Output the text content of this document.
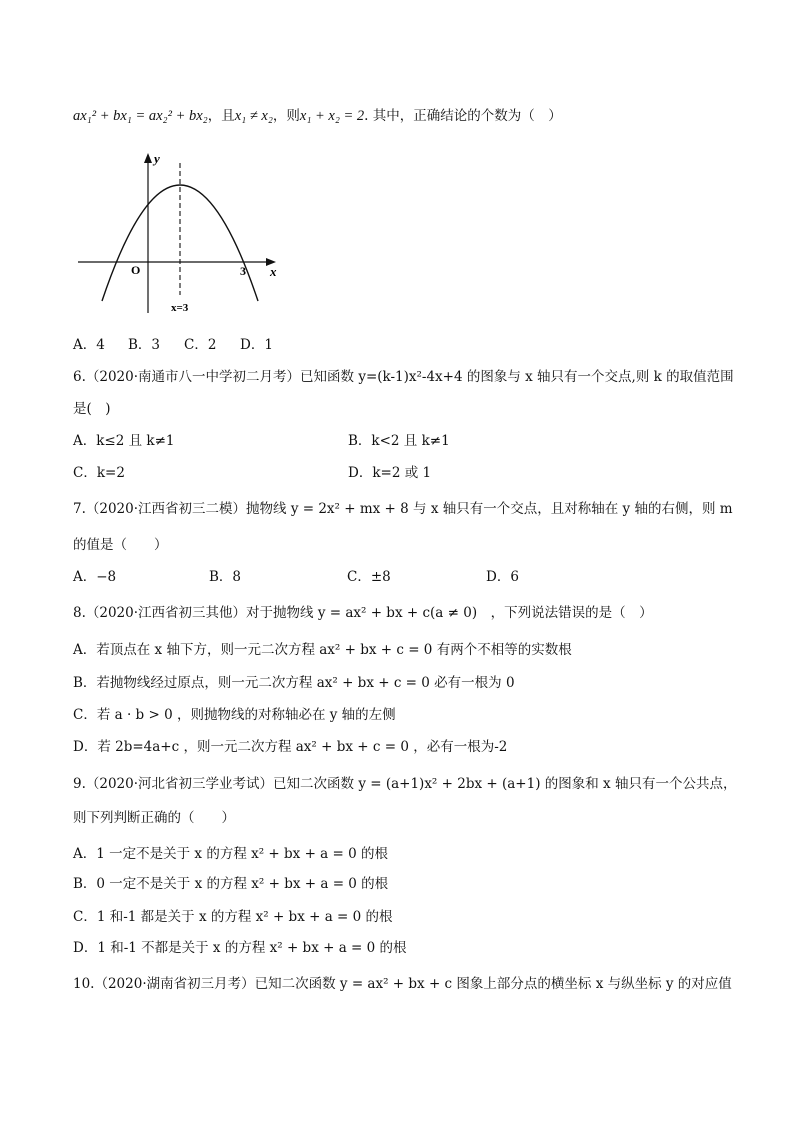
ax₁² + bx₁ = ax₂² + bx₂，且x₁ ≠ x₂，则x₁ + x₂ = 2. 其中，正确结论的个数为（　）
y
x
O	3
x=3
A．4 B．3 C．2 D．1
6.（2020·南通市八一中学初二月考）已知函数 y=(k-1)x²-4x+4 的图象与 x 轴只有一个交点,则 k 的取值范围
是(　)
A．k≤2 且 k≠1	B．k<2 且 k≠1
C．k=2	D．k=2 或 1
7.（2020·江西省初三二模）抛物线 y = 2x² + mx + 8 与 x 轴只有一个交点，且对称轴在 y 轴的右侧，则 m
的值是（　　）
A．−8	B．8	C．±8	D．6
8.（2020·江西省初三其他）对于抛物线 y = ax² + bx + c(a ≠ 0)　，下列说法错误的是（　）
A．若顶点在 x 轴下方，则一元二次方程 ax² + bx + c = 0 有两个不相等的实数根
B．若抛物线经过原点，则一元二次方程 ax² + bx + c = 0 必有一根为 0
C．若 a · b > 0 ，则抛物线的对称轴必在 y 轴的左侧
D．若 2b=4a+c ，则一元二次方程 ax² + bx + c = 0 ，必有一根为-2
9.（2020·河北省初三学业考试）已知二次函数 y = (a+1)x² + 2bx + (a+1) 的图象和 x 轴只有一个公共点，
则下列判断正确的（　　）
A．1 一定不是关于 x 的方程 x² + bx + a = 0 的根
B．0 一定不是关于 x 的方程 x² + bx + a = 0 的根
C．1 和-1 都是关于 x 的方程 x² + bx + a = 0 的根
D．1 和-1 不都是关于 x 的方程 x² + bx + a = 0 的根
10.（2020·湖南省初三月考）已知二次函数 y = ax² + bx + c 图象上部分点的横坐标 x 与纵坐标 y 的对应值
